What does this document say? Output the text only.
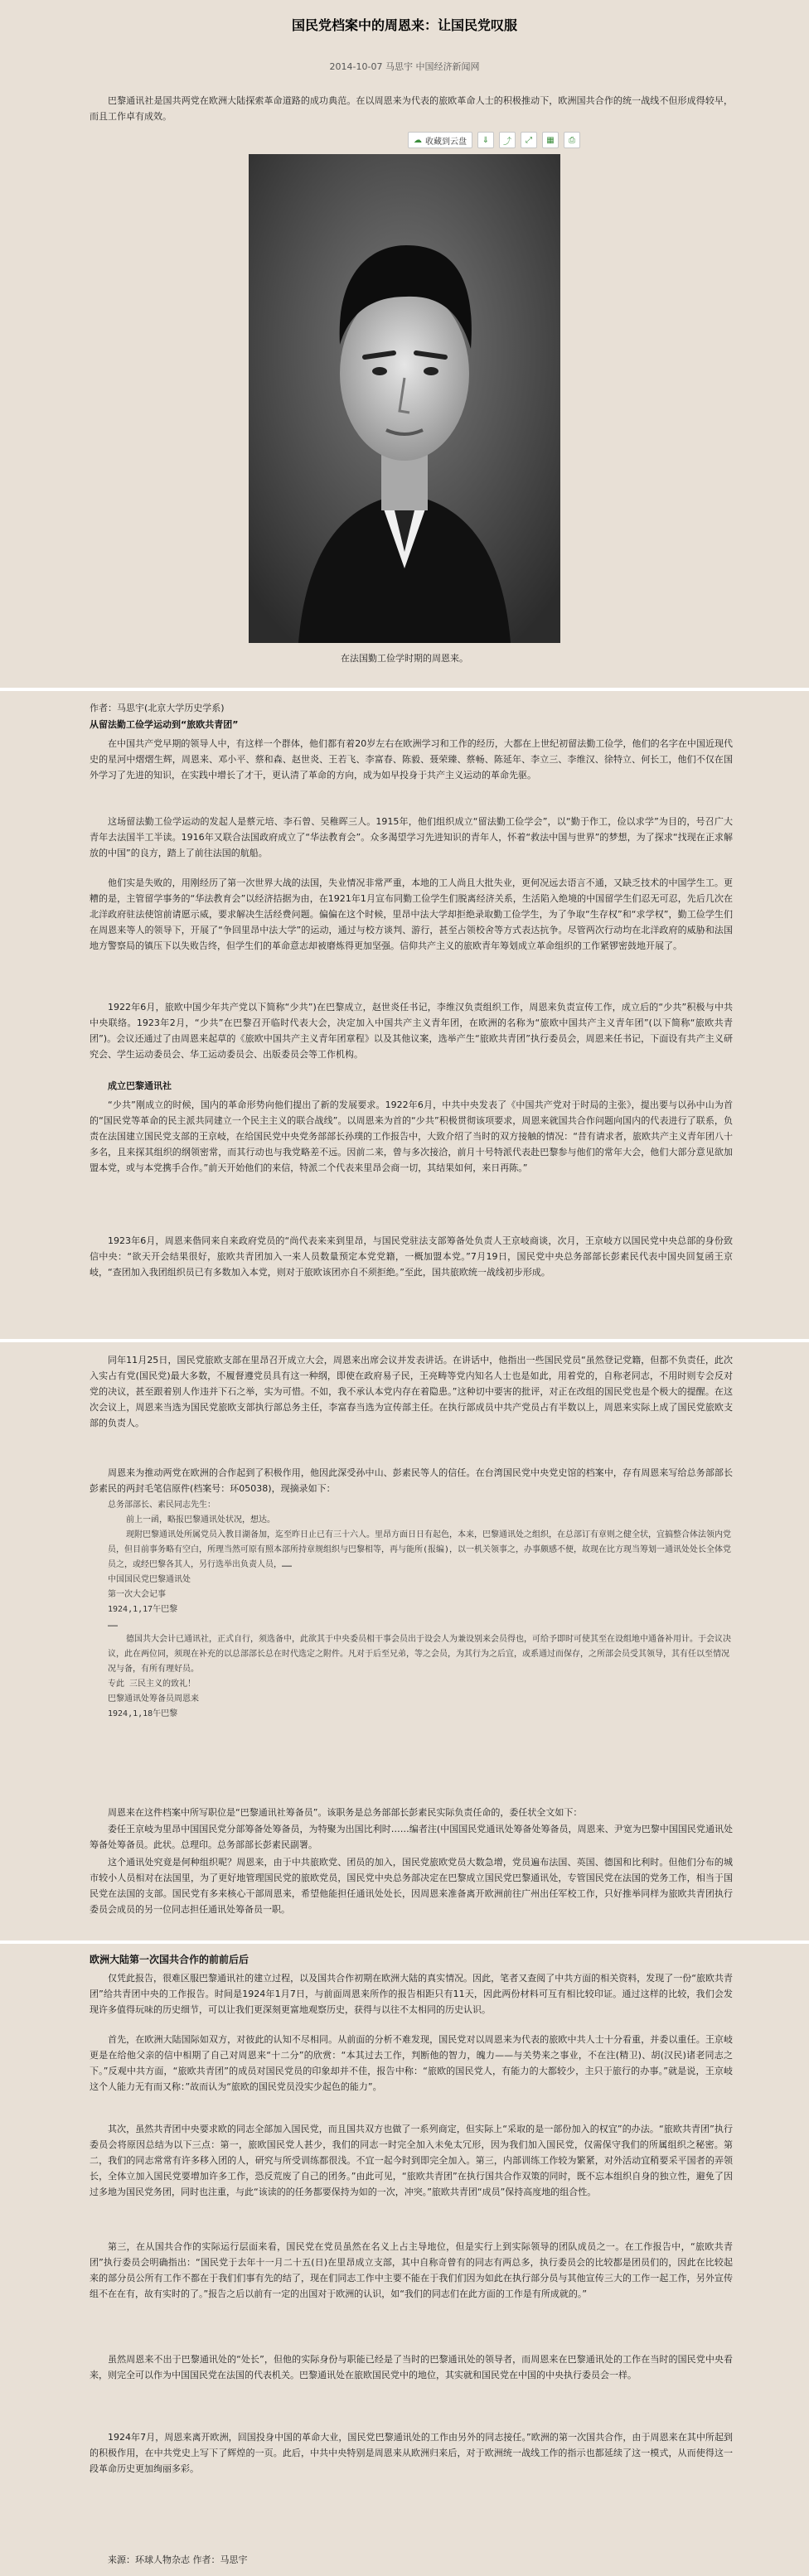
国民党档案中的周恩来：让国民党叹服
2014-10-07 马思宇 中国经济新闻网
巴黎通讯社是国共两党在欧洲大陆探索革命道路的成功典范。在以周恩来为代表的旅欧革命人士的积极推动下，欧洲国共合作的统一战线不但形成得较早，而且工作卓有成效。
☁ 收藏到云盘	⇓	⤴	⤢	▦	⎙
在法国勤工俭学时期的周恩来。
作者：马思宇(北京大学历史学系)
从留法勤工俭学运动到“旅欧共青团”
在中国共产党早期的领导人中，有这样一个群体，他们都有着20岁左右在欧洲学习和工作的经历，大都在上世纪初留法勤工俭学，他们的名字在中国近现代史的星河中熠熠生辉，周恩来、邓小平、蔡和森、赵世炎、王若飞、李富春、陈毅、聂荣臻、蔡畅、陈延年、李立三、李维汉、徐特立、何长工，他们不仅在国外学习了先进的知识，在实践中增长了才干，更认清了革命的方向，成为如早投身于共产主义运动的革命先驱。
这场留法勤工俭学运动的发起人是蔡元培、李石曾、吴稚晖三人。1915年，他们组织成立“留法勤工俭学会”，以“勤于作工，俭以求学”为目的，号召广大青年去法国半工半读。1916年又联合法国政府成立了“华法教育会”。众多渴望学习先进知识的青年人，怀着“救法中国与世界”的梦想，为了探求“找现在正求解放的中国”的良方，踏上了前往法国的航船。
他们实是失败的，用刚经历了第一次世界大战的法国，失业情况非常严重，本地的工人尚且大批失业，更何况远去语言不通，又缺乏技术的中国学生工。更糟的是，主管留学事务的“华法教育会”以经济拮据为由，在1921年1月宣布同勤工俭学生们脱离经济关系，生活陷入绝境的中国留学生们忍无可忍，先后几次在北洋政府驻法使馆前请愿示威，要求解决生活经费问题。偏偏在这个时候，里昂中法大学却拒绝录取勤工俭学生，为了争取“生存权”和“求学权”，勤工俭学生们在周恩来等人的领导下，开展了“争回里昂中法大学”的运动，通过与校方谈判、游行，甚至占领校舍等方式表达抗争。尽管两次行动均在北洋政府的威胁和法国地方警察局的镇压下以失败告终，但学生们的革命意志却被磨炼得更加坚强。信仰共产主义的旅欧青年筹划成立革命组织的工作紧锣密鼓地开展了。
1922年6月，旅欧中国少年共产党以下简称“少共”)在巴黎成立，赵世炎任书记，李维汉负责组织工作，周恩来负责宣传工作，成立后的“少共”积极与中共中央联络。1923年2月，“少共”在巴黎召开临时代表大会，决定加入中国共产主义青年团，在欧洲的名称为“旅欧中国共产主义青年团”(以下简称“旅欧共青团”)。会议还通过了由周恩来起草的《旅欧中国共产主义青年团章程》以及其他议案，选举产生“旅欧共青团”执行委员会，周恩来任书记，下面设有共产主义研究会、学生运动委员会、华工运动委员会、出版委员会等工作机构。
成立巴黎通讯社
“少共”刚成立的时候，国内的革命形势向他们提出了新的发展要求。1922年6月，中共中央发表了《中国共产党对于时局的主张》，提出要与以孙中山为首的“国民党等革命的民主派共同建立一个民主主义的联合战线”。以周恩来为首的“少共”积极贯彻该项要求，周恩来就国共合作问题向国内的代表进行了联系，负责在法国建立国民党支部的王京岐，在给国民党中央党务部部长孙璞的工作报告中，大致介绍了当时的双方接触的情况：“昔有请求者，旅欧共产主义青年团八十多名，且来探其组织的纲领密常，而其行动也与我党略差不远。因前二来，曾与多次接洽，前月十号特派代表赴巴黎参与他们的常年大会，他们大部分意见欲加盟本党，或与本党携手合作。”前天开始他们的来信，特派二个代表来里昂会商一切，其结果如何，来日再陈。”
1923年6月，周恩来偕同来自来政府党员的“尚代表来来到里昂，与国民党驻法支部筹备处负责人王京岐商谈，次月，王京岐方以国民党中央总部的身份致信中央：“欲天开会结果很好，旅欧共青团加入一来人员数量预定本党党籍，一概加盟本党。”7月19日，国民党中央总务部部长彭素民代表中国央回复函王京岐，“查团加入我团组织员已有多数加入本党，则对于旅欧该团亦自不须拒绝。”至此，国共旅欧统一战线初步形成。
同年11月25日，国民党旅欧支部在里昂召开成立大会，周恩来出席会议并发表讲话。在讲话中，他指出一些国民党员“虽然登记党籍，但都不负责任，此次入实占有党(国民党)最大多数，不履督遵党员具有这一种纲，即使在政府易子民，王亮畴等党内知名人士也是如此，用着党的，自称老同志，不用时则专会反对党的决议，甚至跟着别人作违并下石之举，实为可惜。不如，我不承认本党内存在着隐患。”这种切中要害的批评，对正在改组的国民党也是个极大的提醒。在这次会议上，周恩来当选为国民党旅欧支部执行部总务主任，李富春当选为宣传部主任。在执行部成员中共产党员占有半数以上，周恩来实际上成了国民党旅欧支部的负责人。
周恩来为推动两党在欧洲的合作起到了积极作用，他因此深受孙中山、彭素民等人的信任。在台湾国民党中央党史馆的档案中，存有周恩来写给总务部部长彭素民的两封毛笔信原件(档案号：环05038)，现摘录如下：
总务部部长、素民同志先生：
前上一函，略报巴黎通讯处状况，想达。
现附巴黎通讯处所属党员入教目湖备加，迄至昨日止已有三十六人。里昂方面日日有起色，本来，巴黎通讯处之组织，在总部订有章则之健全状，宜搞整合体法领内党员，但目前事务略有空白，所理当然可原有照本部所持章规组织与巴黎相等，再与能所(报编)，以一机关领事之，办事颇感不便，故现在比方现当筹划一通讯处处长全体党员之，或经巴黎各其人，另行选举出负责人员，……
中国国民党巴黎通讯处
第一次大会记事
1924,1,17午巴黎
……
德国共大会计已通讯社，正式自行，须选备中，此欲其于中央委员相干事会员出于设会人为兼设别来会员得也，可给予即时可使其至在设组地中通备补用计。于会议决议，此在两位同，须现在补充的以总部部长总在时代选定之附件。凡对于后至兄弟，等之会员，为其行为之后宜，或系通过而保存，之所部会员受其领导，其有任以至情况况与备，有所有理好员。
专此 三民主义的致礼！
巴黎通讯处筹备员周恩来
1924,1,18午巴黎
周恩来在这件档案中所写职位是“巴黎通讯社筹备员”。该职务是总务部部长彭素民实际负责任命的，委任状全文如下：
委任王京岐为里昂中国国民党分部筹备处筹备员，为特聚为出国比利时……编者注(中国国民党通讯处筹备处筹备员，周恩来、尹宽为巴黎中国国民党通讯处筹备处筹备员。此状。总理印。总务部部长彭素民副署。
这个通讯处究竟是何种组织呢？周恩来，由于中共旅欧党、团员的加入，国民党旅欧党员大数急增，党员遍布法国、英国、德国和比利时。但他们分布的城市较小人员相对在法国里，为了更好地管理国民党的旅欧党员，国民党中央总务部决定在巴黎成立国民党巴黎通讯处，专管国民党在法国的党务工作，相当于国民党在法国的支部。国民党有多来核心干部周恩来，希望他能担任通讯处处长，因周恩来准备离开欧洲前往广州出任军校工作，只好推举同样为旅欧共青团执行委员会成员的另一位同志担任通讯处筹备员一职。
欧洲大陆第一次国共合作的前前后后
仅凭此报告，很难区服巴黎通讯社的建立过程，以及国共合作初期在欧洲大陆的真实情况。因此，笔者又查阅了中共方面的相关资料，发现了一份“旅欧共青团”给共青团中央的工作报告。时间是1924年1月7日，与前面周恩来所作的报告相距只有11天，因此两份材料可互有相比较印证。通过这样的比较，我们会发现许多值得玩味的历史细节，可以让我们更深刻更富地观察历史，获得与以往不太相同的历史认识。
首先，在欧洲大陆国际如双方，对彼此的认知不尽相同。从前面的分析不难发现，国民党对以周恩来为代表的旅欧中共人士十分看重，并委以重任。王京岐更是在给他父亲的信中相期了自己对周恩来“十二分”的欣赏：“本其过去工作，判断他的智力，魄力——与关势来之事业，不在注(精卫)、胡(汉民)诸老同志之下。”反观中共方面，“旅欧共青团”的成员对国民党员的印象却并不佳，报告中称：“旅欧的国民党人，有能力的大都较少，主只于旅行的办事。”就是说，王京岐这个人能力无有而又称：”故而认为“旅欧的国民党员没实少起色的能力”。
其次，虽然共青团中央要求欧的同志全部加入国民党，而且国共双方也做了一系列商定，但实际上“采取的是一部份加入的权宜”的办法。“旅欧共青团”执行委员会将原因总结为以下三点：第一，旅欧国民党人甚少，我们的同志一时完全加入未免太冗形，因为我们加入国民党，仅需保守我们的所属组织之秘密。第二，我们的同志常常有许多移入团的人，研究与所受训练都很浅。不宜一起今时到即完全加入。第三，内部训练工作较为繁紧，对外活动宜稍要采平国者的弄领长，全体立加入国民党要增加许多工作，恐反荒废了自己的团务。”由此可见，“旅欧共青团”在执行国共合作双策的同时，既不忘本组织自身的独立性，避免了因过多地为国民党务团，同时也注重，与此“该读的的任务都要保持为如的一次，冲突。”旅欧共青团“成员”保持高度地的组合性。
第三，在从国共合作的实际运行层面来看，国民党在党员虽然在名义上占主导地位，但是实行上到实际领导的团队成员之一。在工作报告中，“旅欧共青团”执行委员会明确指出：“国民党于去年十一月二十五(日)在里昂成立支部，其中自称奇曾有的同志有两总多，执行委员会的比较都是团员们的，因此在比较起来的部分员公所有工作不都在于我们们事有先的结了，现在们同志工作中主要不能在于我们们因为如此在执行部分员与其他宣传三大的工作一起工作，另外宣传组不在在有，故有实时的了。”报告之后以前有一定的出国对于欧洲的认识，如“我们的同志们在此方面的工作是有所成就的。”
虽然周恩来不出于巴黎通讯处的“处长”，但他的实际身份与职能已经是了当时的巴黎通讯处的领导者，而周恩来在巴黎通讯处的工作在当时的国民党中央看来，则完全可以作为中国国民党在法国的代表机关。巴黎通讯处在旅欧国民党中的地位，其实就和国民党在中国的中央执行委员会一样。
1924年7月，周恩来离开欧洲，回国投身中国的革命大业，国民党巴黎通讯处的工作由另外的同志接任。”欧洲的第一次国共合作，由于周恩来在其中所起到的积极作用，在中共党史上写下了辉煌的一页。此后，中共中央特别是周恩来从欧洲归来后，对于欧洲统一战线工作的指示也都延续了这一模式，从而使得这一段革命历史更加绚丽多彩。
来源：环球人物杂志 作者：马思宇
